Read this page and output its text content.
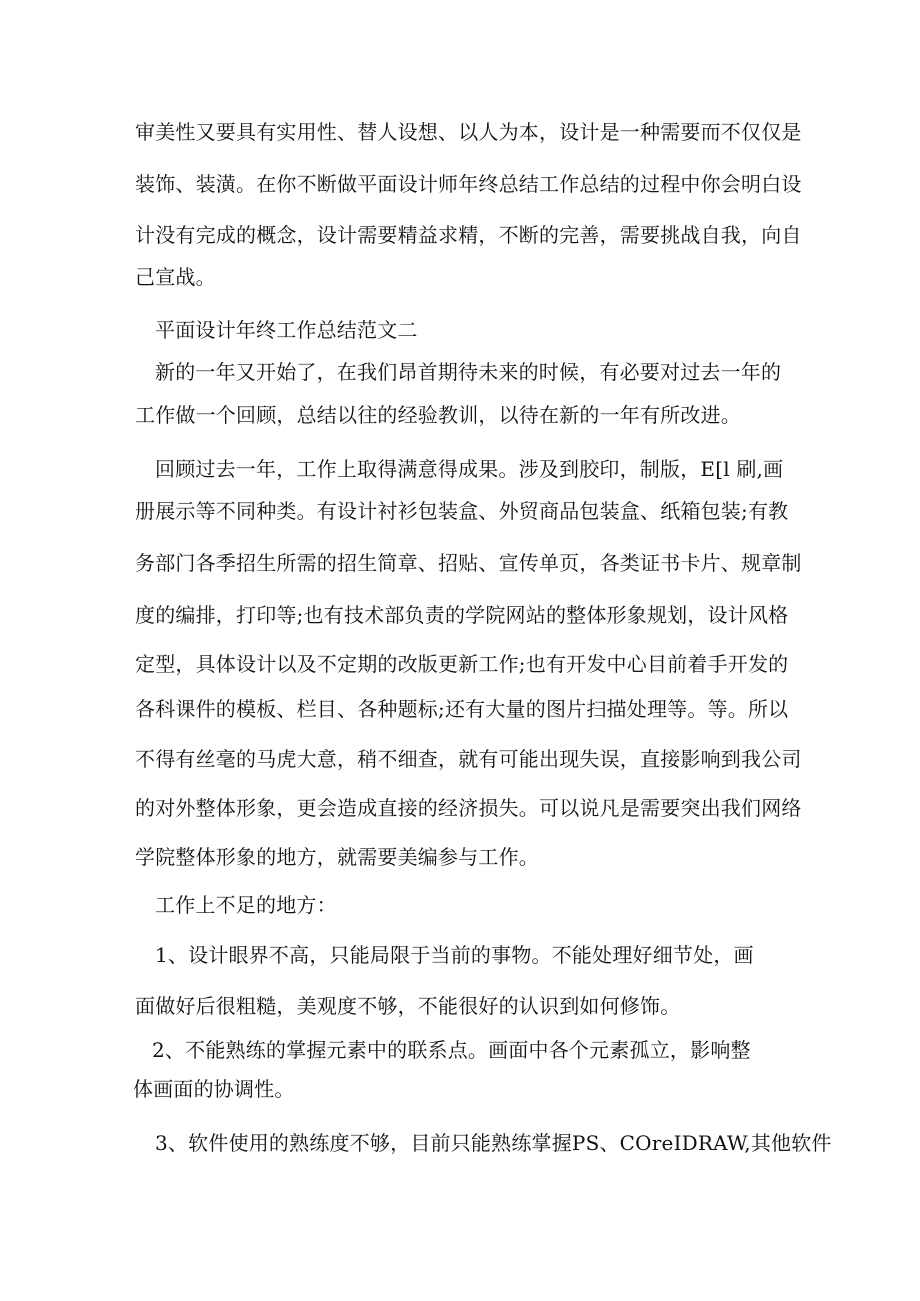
审美性又要具有实用性、替人设想、以人为本，设计是一种需要而不仅仅是
装饰、装潢。在你不断做平面设计师年终总结工作总结的过程中你会明白设
计没有完成的概念，设计需要精益求精，不断的完善，需要挑战自我，向自
己宣战。
平面设计年终工作总结范文二
新的一年又开始了，在我们昂首期待未来的时候，有必要对过去一年的
工作做一个回顾，总结以往的经验教训，以待在新的一年有所改进。
回顾过去一年，工作上取得满意得成果。涉及到胶印，制版，E[l 刷,画
册展示等不同种类。有设计衬衫包装盒、外贸商品包装盒、纸箱包装;有教
务部门各季招生所需的招生简章、招贴、宣传单页，各类证书卡片、规章制
度的编排，打印等;也有技术部负责的学院网站的整体形象规划，设计风格
定型，具体设计以及不定期的改版更新工作;也有开发中心目前着手开发的
各科课件的模板、栏目、各种题标;还有大量的图片扫描处理等。等。所以
不得有丝毫的马虎大意，稍不细查，就有可能出现失误，直接影响到我公司
的对外整体形象，更会造成直接的经济损失。可以说凡是需要突出我们网络
学院整体形象的地方，就需要美编参与工作。
工作上不足的地方：
1、设计眼界不高，只能局限于当前的事物。不能处理好细节处，画
面做好后很粗糙，美观度不够，不能很好的认识到如何修饰。
2、不能熟练的掌握元素中的联系点。画面中各个元素孤立，影响整
体画面的协调性。
3、软件使用的熟练度不够，目前只能熟练掌握PS、COreIDRAW,其他软件
